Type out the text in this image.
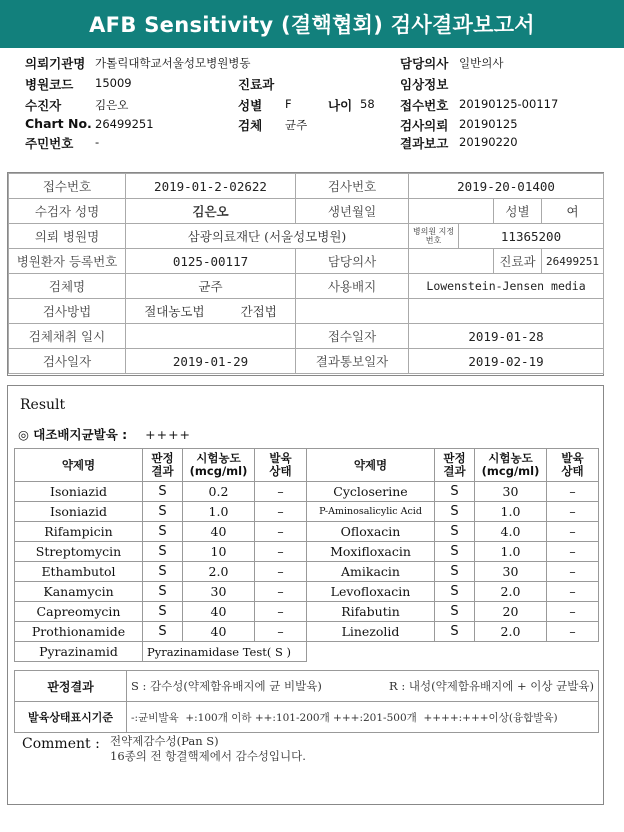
AFB Sensitivity (결핵협회) 검사결과보고서
의뢰기관명 가톨릭대학교서울성모병원병동
병원코드 15009
수진자	김은오
Chart No. 26499251
주민번호 -
진료과
성별 F	나이 58
검체 균주
담당의사 일반의사
임상정보
접수번호 20190125-00117
검사의뢰 20190125
결과보고 20190220
접수번호	2019-01-2-02622	검사번호	2019-20-01400			
수검자 성명	김은오	생년월일			성별	여
의뢰 병원명	삼광의료재단 (서울성모병원)		병의원 지정번호	11365200		
병원환자 등록번호	0125-00117	담당의사			진료과	26499251
검체명	균주	사용배지	Lowenstein-Jensen media			
검사방법	절대농도법 간접법					
검체채취 일시		접수일자	2019-01-28			
검사일자	2019-01-29	결과통보일자	2019-02-19			
Result
◎ 대조배지균발육 : ++++
약제명	판정
결과	시험농도
(mcg/ml)	발육
상태	약제명	판정
결과	시험농도
(mcg/ml)	발육
상태
Isoniazid	S	0.2	–	Cycloserine	S	30	–
Isoniazid	S	1.0	–	P-Aminosalicylic Acid	S	1.0	–
Rifampicin	S	40	–	Ofloxacin	S	4.0	–
Streptomycin	S	10	–	Moxifloxacin	S	1.0	–
Ethambutol	S	2.0	–	Amikacin	S	30	–
Kanamycin	S	30	–	Levofloxacin	S	2.0	–
Capreomycin	S	40	–	Rifabutin	S	20	–
Prothionamide	S	40	–	Linezolid	S	2.0	–
Pyrazinamid	Pyrazinamidase Test( S )						
판정결과	S : 감수성(약제함유배지에 균 비발육) R : 내성(약제함유배지에 + 이상 균발육)

발육상태표시기준	-:균비발육  +:100개 이하 ++:101-200개 +++:201-500개  ++++:+++이상(융합발육)
Comment : 전약제감수성(Pan S)
16종의 전 항결핵제에서 감수성입니다.
